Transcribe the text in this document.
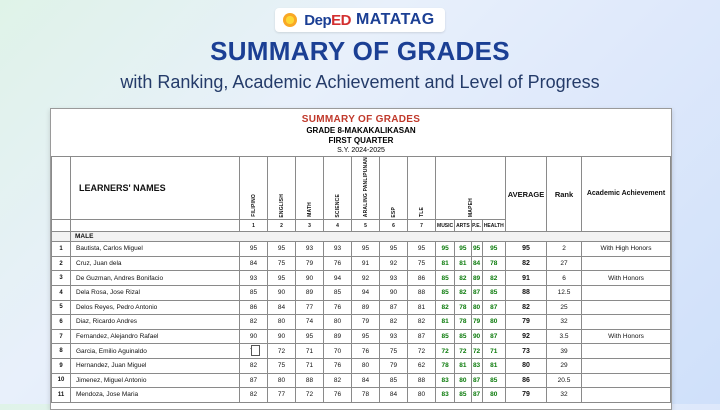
DepED MATATAG
SUMMARY OF GRADES
with Ranking, Academic Achievement and Level of Progress
SUMMARY OF GRADES
GRADE 8-MAKAKALIKASAN
FIRST QUARTER
S.Y. 2024-2025
	LEARNERS' NAMES	FILIPINO	ENGLISH	MATH	SCIENCE	ARALING PANLIPUNAN	ESP	TLE	MAPEH				AVERAGE	Rank	Academic Achievement
		1	2	3	4	5	6	7	MUSIC	ARTS	P.E.	HEALTH			
	MALE														
1	Bautista, Carlos Miguel	95	95	93	93	95	95	95	95	95	95	95	95	2	With High Honors
2	Cruz, Juan dela	84	75	79	76	91	92	75	81	81	84	78	82	27	
3	De Guzman, Andres Bonifacio	93	95	90	94	92	93	86	85	82	89	82	91	6	With Honors
4	Dela Rosa, Jose Rizal	85	90	89	85	94	90	88	85	82	87	85	88	12.5	
5	Delos Reyes, Pedro Antonio	86	84	77	76	89	87	81	82	78	80	87	82	25	
6	Diaz, Ricardo Andres	82	80	74	80	79	82	82	81	78	79	80	79	32	
7	Fernandez, Alejandro Rafael	90	90	95	89	95	93	87	85	85	90	87	92	3.5	With Honors
8	Garcia, Emilio Aguinaldo		72	71	70	76	75	72	72	72	72	71	73	39	
9	Hernandez, Juan Miguel	82	75	71	76	80	79	62	78	81	83	81	80	29	
10	Jimenez, Miguel Antonio	87	80	88	82	84	85	88	83	80	87	85	86	20.5	
11	Mendoza, Jose Maria	82	77	72	76	78	84	80	83	85	87	80	79	32	
